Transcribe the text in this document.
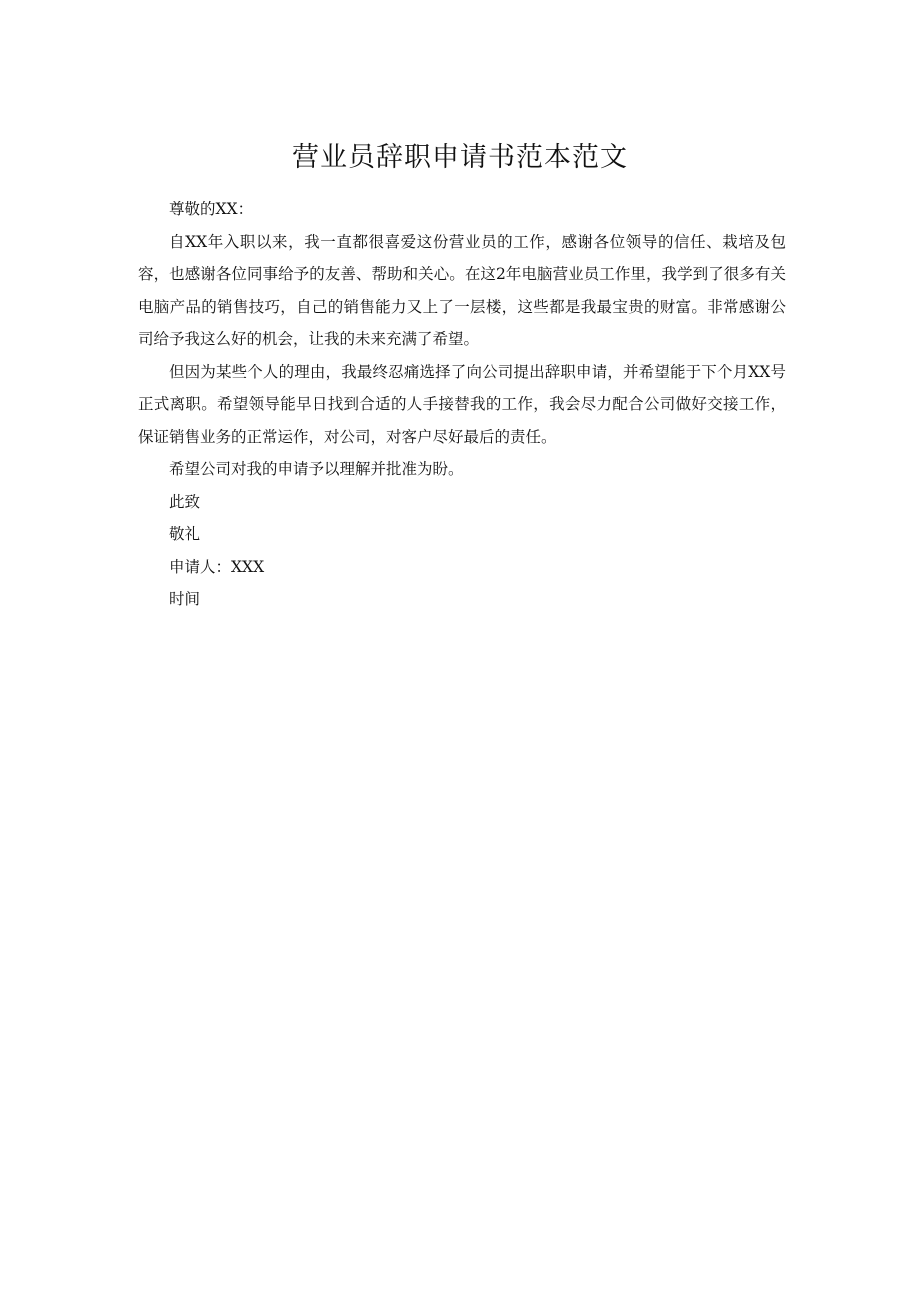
营业员辞职申请书范本范文

尊敬的XX：

自XX年入职以来，我一直都很喜爱这份营业员的工作，感谢各位领导的信任、栽培及包容，也感谢各位同事给予的友善、帮助和关心。在这2年电脑营业员工作里，我学到了很多有关电脑产品的销售技巧，自己的销售能力又上了一层楼，这些都是我最宝贵的财富。非常感谢公司给予我这么好的机会，让我的未来充满了希望。

但因为某些个人的理由，我最终忍痛选择了向公司提出辞职申请，并希望能于下个月XX号正式离职。希望领导能早日找到合适的人手接替我的工作，我会尽力配合公司做好交接工作，保证销售业务的正常运作，对公司，对客户尽好最后的责任。

希望公司对我的申请予以理解并批准为盼。

此致

敬礼

申请人：XXX

时间
